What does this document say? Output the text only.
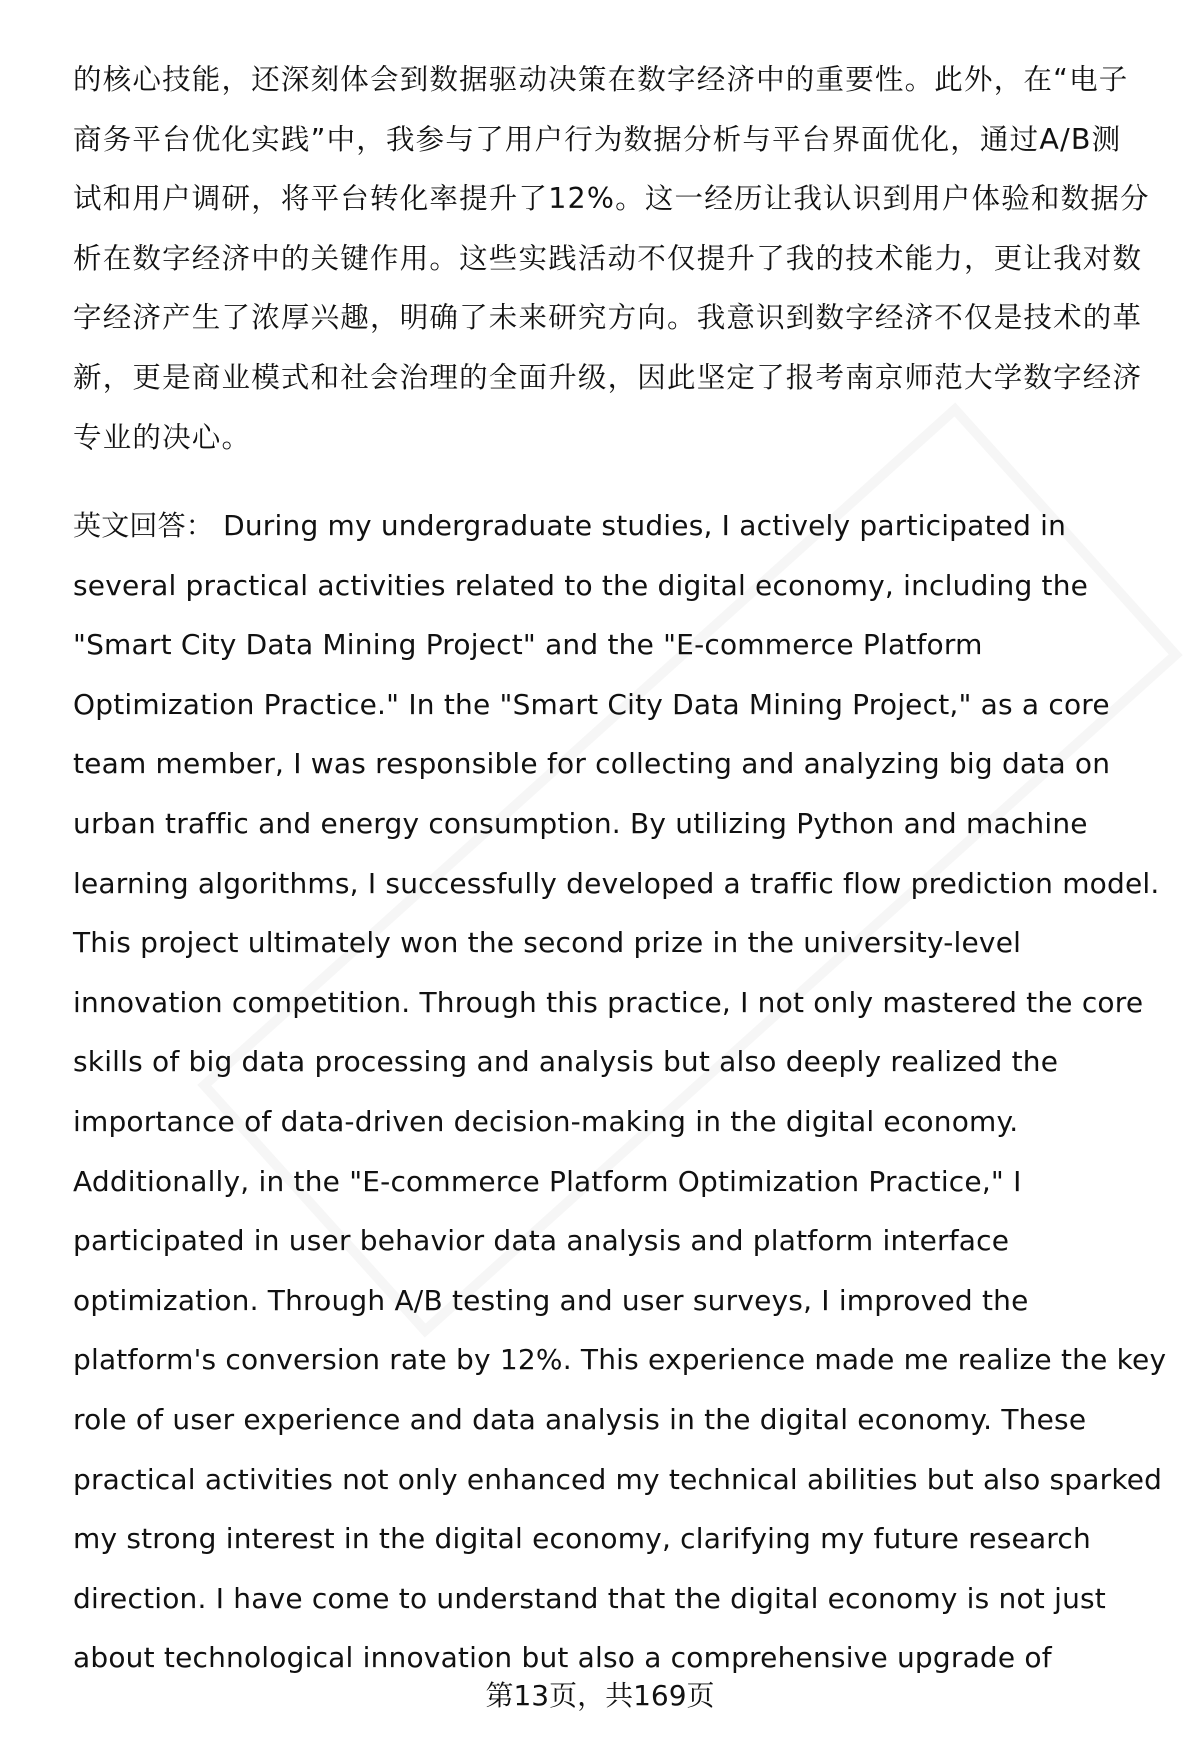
的核心技能，还深刻体会到数据驱动决策在数字经济中的重要性。此外，在“电子
商务平台优化实践”中，我参与了用户行为数据分析与平台界面优化，通过A/B测
试和用户调研，将平台转化率提升了12%。这一经历让我认识到用户体验和数据分
析在数字经济中的关键作用。这些实践活动不仅提升了我的技术能力，更让我对数
字经济产生了浓厚兴趣，明确了未来研究方向。我意识到数字经济不仅是技术的革
新，更是商业模式和社会治理的全面升级，因此坚定了报考南京师范大学数字经济
专业的决心。
英文回答： During my undergraduate studies, I actively participated in
several practical activities related to the digital economy, including the
"Smart City Data Mining Project" and the "E-commerce Platform
Optimization Practice." In the "Smart City Data Mining Project," as a core
team member, I was responsible for collecting and analyzing big data on
urban traffic and energy consumption. By utilizing Python and machine
learning algorithms, I successfully developed a traffic flow prediction model.
This project ultimately won the second prize in the university-level
innovation competition. Through this practice, I not only mastered the core
skills of big data processing and analysis but also deeply realized the
importance of data-driven decision-making in the digital economy.
Additionally, in the "E-commerce Platform Optimization Practice," I
participated in user behavior data analysis and platform interface
optimization. Through A/B testing and user surveys, I improved the
platform's conversion rate by 12%. This experience made me realize the key
role of user experience and data analysis in the digital economy. These
practical activities not only enhanced my technical abilities but also sparked
my strong interest in the digital economy, clarifying my future research
direction. I have come to understand that the digital economy is not just
about technological innovation but also a comprehensive upgrade of
第13页，共169页
